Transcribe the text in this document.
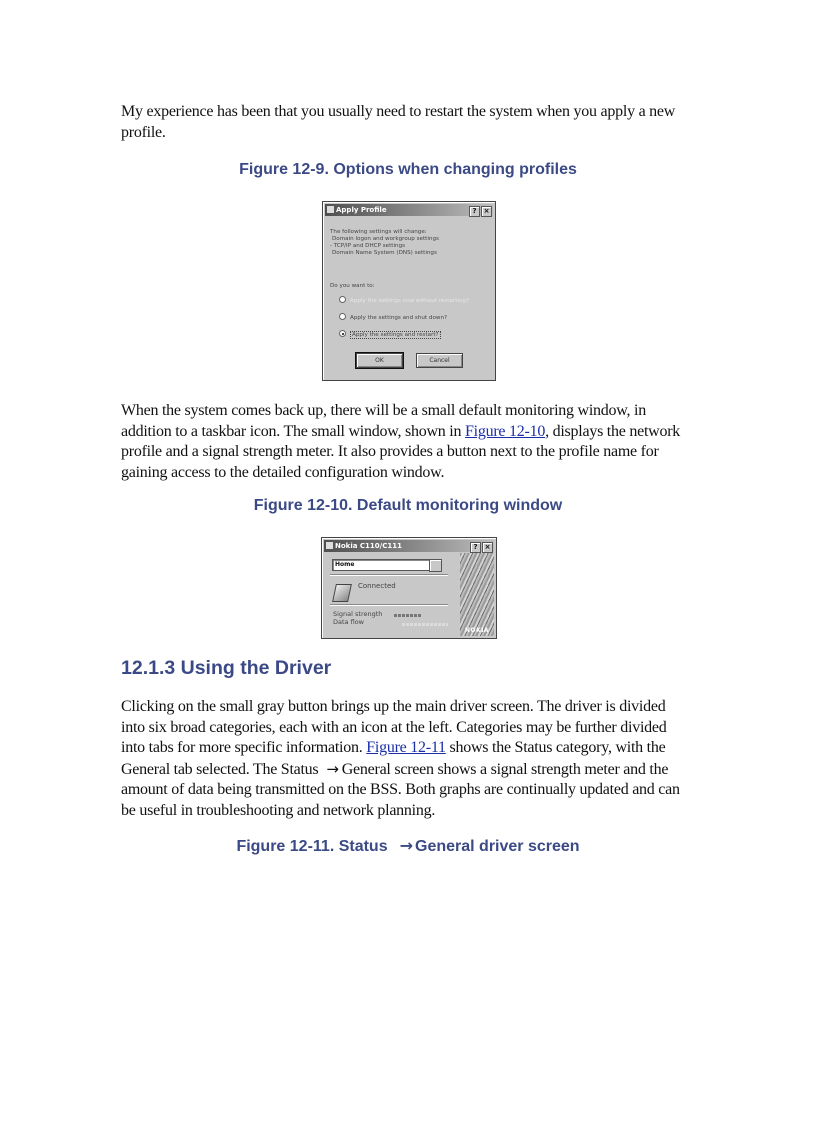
My experience has been that you usually need to restart the system when you apply a new profile.
Figure 12-9. Options when changing profiles
Apply Profile	? ×
The following settings will change:
Domain logon and workgroup settings
- TCP/IP and DHCP settings
Domain Name System (DNS) settings
Do you want to:
Apply the settings now without restarting?
Apply the settings and shut down?
Apply the settings and restart?
OK	Cancel
When the system comes back up, there will be a small default monitoring window, in addition to a taskbar icon. The small window, shown in Figure 12-10, displays the network profile and a signal strength meter. It also provides a button next to the profile name for gaining access to the detailed configuration window.
Figure 12-10. Default monitoring window
Nokia C110/C111	? ×
Home
Connected
Signal strength
Data flow
NOKIA
12.1.3 Using the Driver
Clicking on the small gray button brings up the main driver screen. The driver is divided into six broad categories, each with an icon at the left. Categories may be further divided into tabs for more specific information. Figure 12-11 shows the Status category, with the General tab selected. The Status → General screen shows a signal strength meter and the amount of data being transmitted on the BSS. Both graphs are continually updated and can be useful in troubleshooting and network planning.
Figure 12-11. Status → General driver screen
